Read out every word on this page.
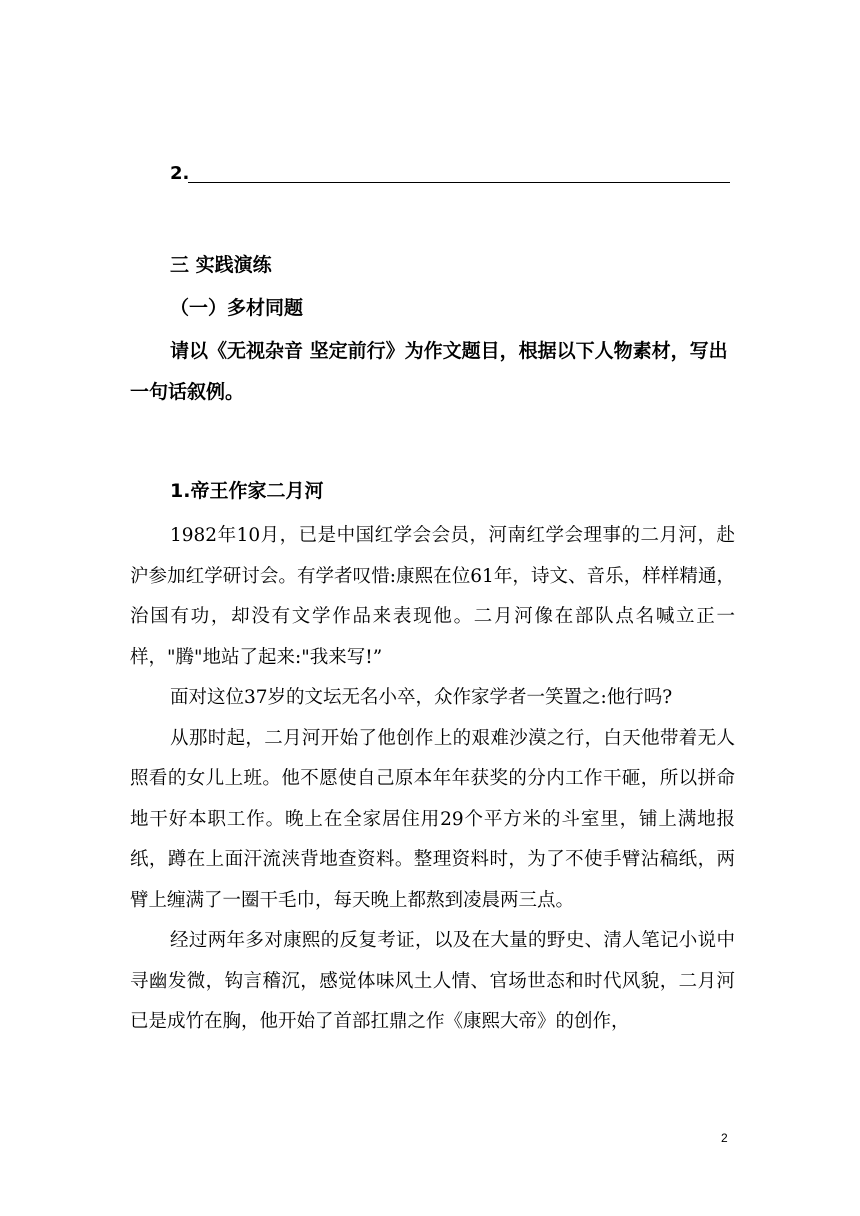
2.
三 实践演练
（一）多材同题
请以《无视杂音 坚定前行》为作文题目，根据以下人物素材，写出一句话叙例。
1.帝王作家二月河

1982年10月，已是中国红学会会员，河南红学会理事的二月河，赴沪参加红学研讨会。有学者叹惜:康熙在位61年，诗文、音乐，样样精通，治国有功，却没有文学作品来表现他。二月河像在部队点名喊立正一样，"腾"地站了起来:"我来写!”

面对这位37岁的文坛无名小卒，众作家学者一笑置之:他行吗?

从那时起，二月河开始了他创作上的艰难沙漠之行，白天他带着无人照看的女儿上班。他不愿使自己原本年年获奖的分内工作干砸，所以拼命地干好本职工作。晚上在全家居住用29个平方米的斗室里，铺上满地报纸，蹲在上面汗流浃背地查资料。整理资料时，为了不使手臂沾稿纸，两臂上缠满了一圈干毛巾，每天晚上都熬到凌晨两三点。

经过两年多对康熙的反复考证，以及在大量的野史、清人笔记小说中寻幽发微，钩言稽沉，感觉体味风土人情、官场世态和时代风貌，二月河已是成竹在胸，他开始了首部扛鼎之作《康熙大帝》的创作，

2
